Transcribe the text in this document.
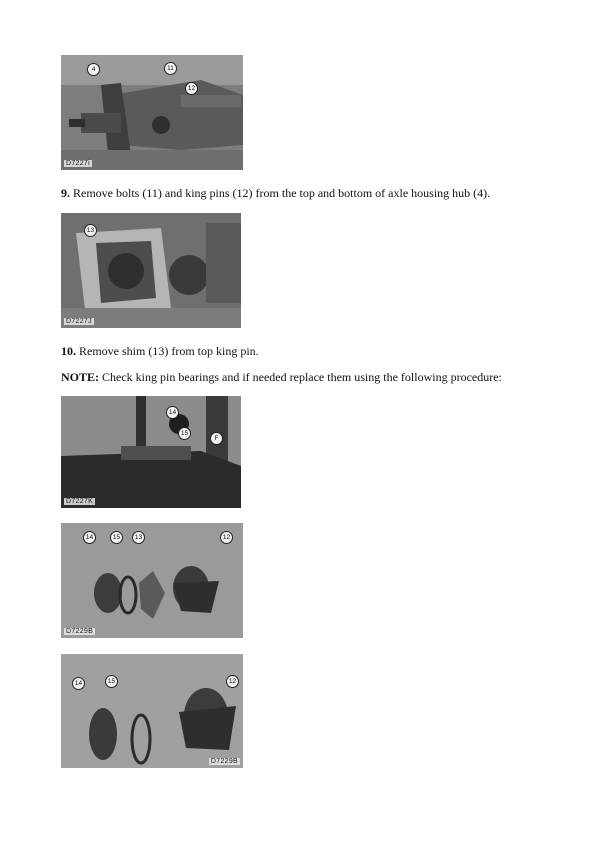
4	11
12
D7227i
9. Remove bolts (11) and king pins (12) from the top and bottom of axle housing hub (4).
13
D7227J
10. Remove shim (13) from top king pin.
NOTE: Check king pin bearings and if needed replace them using the following procedure:
14
15
F
D7227K
14	15	13	12
D7229B
14	15	12
D7229B
